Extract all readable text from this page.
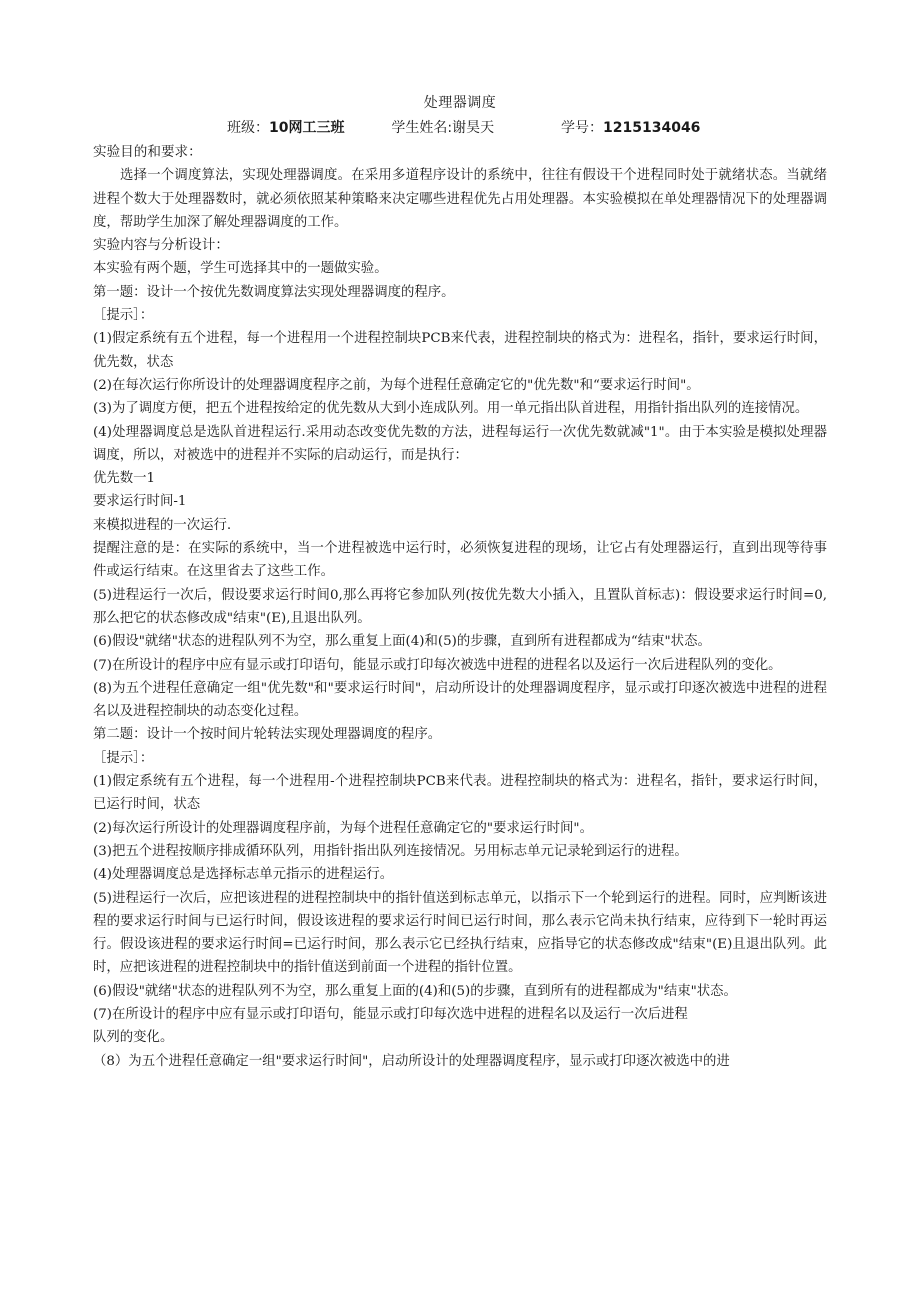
处理器调度
班级：10网工三班	学生姓名:谢昊天	学号：1215134046

实验目的和要求：

选择一个调度算法，实现处理器调度。在采用多道程序设计的系统中，往往有假设干个进程同时处于就绪状态。当就绪进程个数大于处理器数时，就必须依照某种策略来决定哪些进程优先占用处理器。本实验模拟在单处理器情况下的处理器调度，帮助学生加深了解处理器调度的工作。

实验内容与分析设计：

本实验有两个题，学生可选择其中的一题做实验。

第一题：设计一个按优先数调度算法实现处理器调度的程序。

［提示］：

(1)假定系统有五个进程，每一个进程用一个进程控制块PCB来代表，进程控制块的格式为：进程名，指针，要求运行时间，优先数，状态

(2)在每次运行你所设计的处理器调度程序之前，为每个进程任意确定它的"优先数"和“要求运行时间"。

(3)为了调度方便，把五个进程按给定的优先数从大到小连成队列。用一单元指出队首进程，用指针指出队列的连接情况。

(4)处理器调度总是选队首进程运行.采用动态改变优先数的方法，进程每运行一次优先数就减"1"。由于本实验是模拟处理器调度，所以，对被选中的进程并不实际的启动运行，而是执行：

优先数一1

要求运行时间-1

来模拟进程的一次运行.

提醒注意的是：在实际的系统中，当一个进程被选中运行时，必须恢复进程的现场，让它占有处理器运行，直到出现等待事件或运行结束。在这里省去了这些工作。

(5)进程运行一次后，假设要求运行时间0,那么再将它参加队列(按优先数大小插入，且置队首标志)：假设要求运行时间=0,那么把它的状态修改成"结束"(E),且退出队列。

(6)假设"就绪"状态的进程队列不为空，那么重复上面(4)和(5)的步骤，直到所有进程都成为“结束"状态。

(7)在所设计的程序中应有显示或打印语句，能显示或打印每次被选中进程的进程名以及运行一次后进程队列的变化。

(8)为五个进程任意确定一组"优先数"和"要求运行时间"，启动所设计的处理器调度程序，显示或打印逐次被选中进程的进程名以及进程控制块的动态变化过程。

第二题：设计一个按时间片轮转法实现处理器调度的程序。

［提示］：

(1)假定系统有五个进程，每一个进程用-个进程控制块PCB来代表。进程控制块的格式为：进程名，指针，要求运行时间，已运行时间，状态

(2)每次运行所设计的处理器调度程序前，为每个进程任意确定它的"要求运行时间"。

(3)把五个进程按顺序排成循环队列，用指针指出队列连接情况。另用标志单元记录轮到运行的进程。

(4)处理器调度总是选择标志单元指示的进程运行。

(5)进程运行一次后，应把该进程的进程控制块中的指针值送到标志单元，以指示下一个轮到运行的进程。同时，应判断该进程的要求运行时间与已运行时间，假设该进程的要求运行时间已运行时间，那么表示它尚未执行结束，应待到下一轮时再运行。假设该进程的要求运行时间=已运行时间，那么表示它已经执行结束，应指导它的状态修改成"结束"(E)且退出队列。此时，应把该进程的进程控制块中的指针值送到前面一个进程的指针位置。

(6)假设"就绪"状态的进程队列不为空，那么重复上面的(4)和(5)的步骤，直到所有的进程都成为"结束"状态。

(7)在所设计的程序中应有显示或打印语句，能显示或打印每次选中进程的进程名以及运行一次后进程

队列的变化。

（8）为五个进程任意确定一组"要求运行时间"，启动所设计的处理器调度程序，显示或打印逐次被选中的进
